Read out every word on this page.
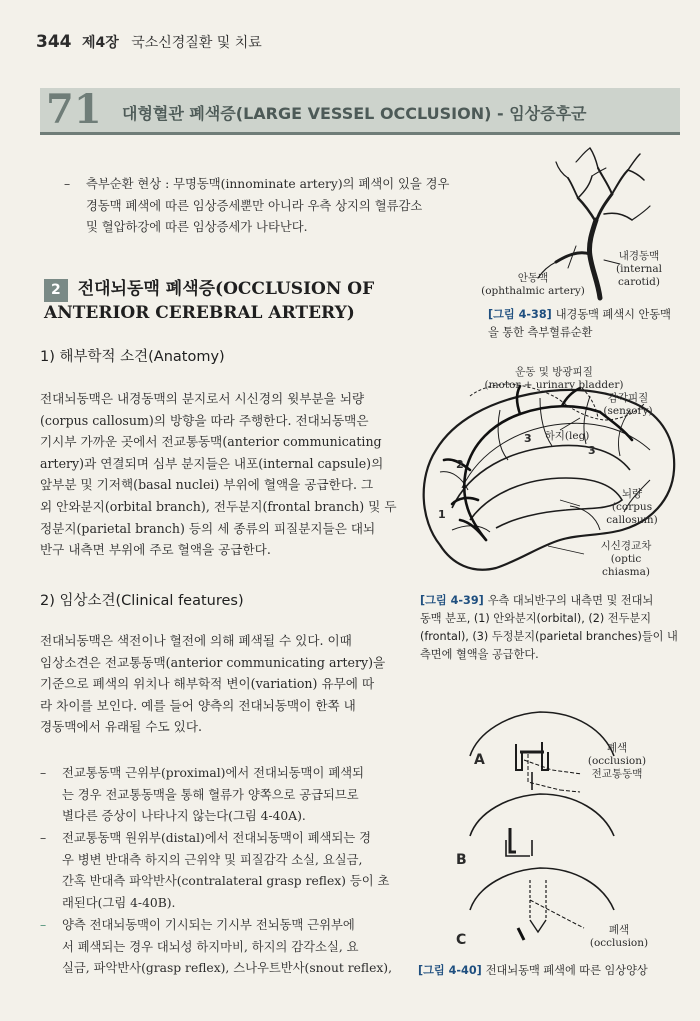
344 제4장 국소신경질환 및 치료
71 대형혈관 폐색증(LARGE VESSEL OCCLUSION) - 임상증후군
– 측부순환 현상 : 무명동맥(innominate artery)의 폐색이 있을 경우
경동맥 폐색에 따른 임상증세뿐만 아니라 우측 상지의 혈류감소
및 혈압하강에 따른 임상증세가 나타난다.
2 전대뇌동맥 폐색증(OCCLUSION OF
ANTERIOR CEREBRAL ARTERY)
1) 해부학적 소견(Anatomy)
전대뇌동맥은 내경동맥의 분지로서 시신경의 윗부분을 뇌량
(corpus callosum)의 방향을 따라 주행한다. 전대뇌동맥은
기시부 가까운 곳에서 전교통동맥(anterior communicating
artery)과 연결되며 심부 분지들은 내포(internal capsule)의
앞부분 및 기저핵(basal nuclei) 부위에 혈액을 공급한다. 그
외 안와분지(orbital branch), 전두분지(frontal branch) 및 두
정분지(parietal branch) 등의 세 종류의 피질분지들은 대뇌
반구 내측면 부위에 주로 혈액을 공급한다.
2) 임상소견(Clinical features)
전대뇌동맥은 색전이나 혈전에 의해 폐색될 수 있다. 이때
임상소견은 전교통동맥(anterior communicating artery)을
기준으로 폐색의 위치나 해부학적 변이(variation) 유무에 따
라 차이를 보인다. 예를 들어 양측의 전대뇌동맥이 한쪽 내
경동맥에서 유래될 수도 있다.
– 전교통동맥 근위부(proximal)에서 전대뇌동맥이 폐색되
는 경우 전교통동맥을 통해 혈류가 양쪽으로 공급되므로
별다른 증상이 나타나지 않는다(그림 4-40A).
– 전교통동맥 원위부(distal)에서 전대뇌동맥이 폐색되는 경
우 병변 반대측 하지의 근위약 및 피질감각 소실, 요실금,
간혹 반대측 파악반사(contralateral grasp reflex) 등이 초
래된다(그림 4-40B).
– 양측 전대뇌동맥이 기시되는 기시부 전뇌동맥 근위부에
서 폐색되는 경우 대뇌성 하지마비, 하지의 감각소실, 요
실금, 파악반사(grasp reflex), 스나우트반사(snout reflex),
내경동맥
(internal
carotid)
안동맥
(ophthalmic artery)
[그림 4-38] 내경동맥 폐색시 안동맥
을 통한 측부혈류순환
운동 및 방광피질
(motor + urinary bladder)
감각피질
(sensory)
하지(leg)
뇌량
(corpus callosum)
시신경교차
(optic chiasma)
1
2
3
3
[그림 4-39] 우측 대뇌반구의 내측면 및 전대뇌
동맥 분포, (1) 안와분지(orbital), (2) 전두분지
(frontal), (3) 두정분지(parietal branches)들이 내
측면에 혈액을 공급한다.
A
B
C
폐색
(occlusion)
전교통동맥
폐색
(occlusion)
[그림 4-40] 전대뇌동맥 폐색에 따른 임상양상
